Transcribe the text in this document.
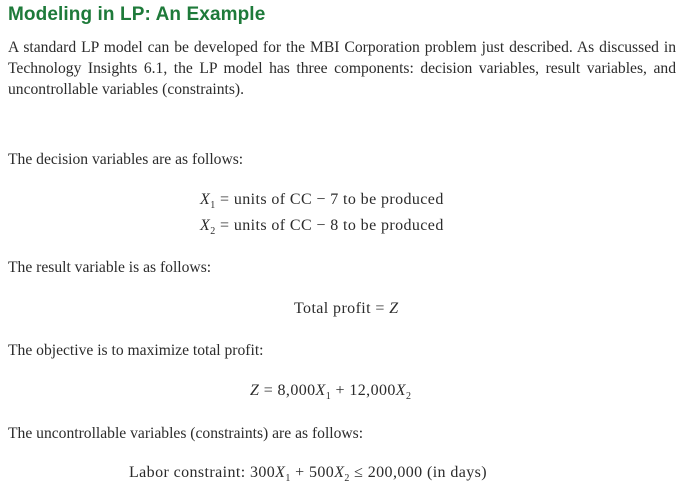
Modeling in LP: An Example

A standard LP model can be developed for the MBI Corporation problem just described. As discussed in Technology Insights 6.1, the LP model has three components: decision variables, result variables, and uncontrollable variables (constraints).

The decision variables are as follows:

$X_1$ = units of CC − 7 to be produced
$X_2$ = units of CC − 8 to be produced

The result variable is as follows:

Total profit = Z

The objective is to maximize total profit:

$Z = 8,000X_1 + 12,000X_2$

The uncontrollable variables (constraints) are as follows:

Labor constraint: $300X_1 + 500X_2 \le 200,000$ (in days)
